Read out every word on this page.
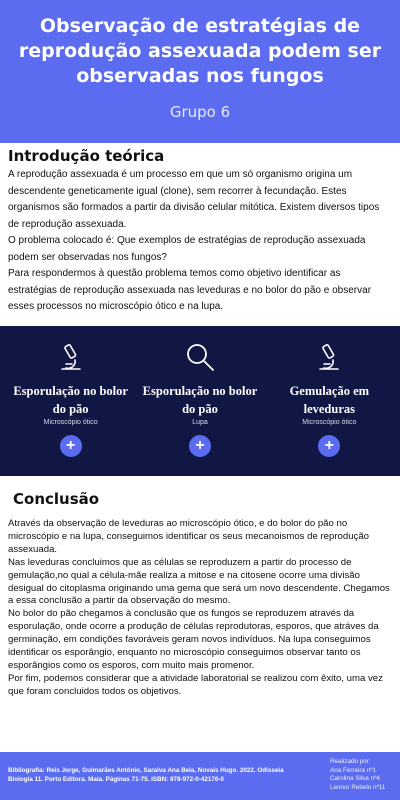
Observação de estratégias de reprodução assexuada podem ser observadas nos fungos
Grupo 6
Introdução teórica

A reprodução assexuada é um processo em que um só organismo origina um descendente geneticamente igual (clone), sem recorrer à fecundação. Estes organismos são formados a partir da divisão celular mitótica. Existem diversos tipos de reprodução assexuada.
O problema colocado é: Que exemplos de estratégias de reprodução assexuada podem ser observadas nos fungos?
Para respondermos à questão problema temos como objetivo identificar as estratégias de reprodução assexuada nas leveduras e no bolor do pão e observar esses processos no microscópio ótico e na lupa.

Esporulação no bolor do pão
Microscópio ótico
+
Esporulação no bolor do pão
Lupa
+
Gemulação em leveduras
Microscópio ótico
+
Conclusão

Através da observação de leveduras ao microscópio ótico, e do bolor do pão no microscópio e na lupa, conseguimos identificar os seus mecanoismos de reprodução assexuada.
Nas leveduras concluimos que as células se reproduzem a partir do processo de gemulação,no qual a célula-mãe realiza a mitose e na citosene ocorre uma divisão desigual do citoplasma originando uma gema que será um novo descendente. Chegamos a essa conclusão a partir da observação do mesmo.
No bolor do pão chegamos à conclusão que os fungos se reproduzem através da esporulação, onde ocorre a produção de células reprodutoras, esporos, que atráves da germinação, em condições favoráveis geram novos indivíduos. Na lupa conseguimos identificar os esporângio, enquanto no microscópio conseguimos observar tanto os esporângios como os esporos, com muito mais promenor.
Por fim, podemos considerar que a atividade laboratorial se realizou com êxito, uma vez que foram concluidos todos os objetivos.

Bibliografia: Reis Jorge, Guimarães António, Saraiva Ana Bela, Novais Hugo. 2022. Odisseia Biologia 11. Porto Editora. Maia. Páginas 71-75. ISBN: 978-972-0-42176-0
Realizado por:
Ana Ferreira nº1
Carolina Silva nº4
Leonor Rebelo nº11
